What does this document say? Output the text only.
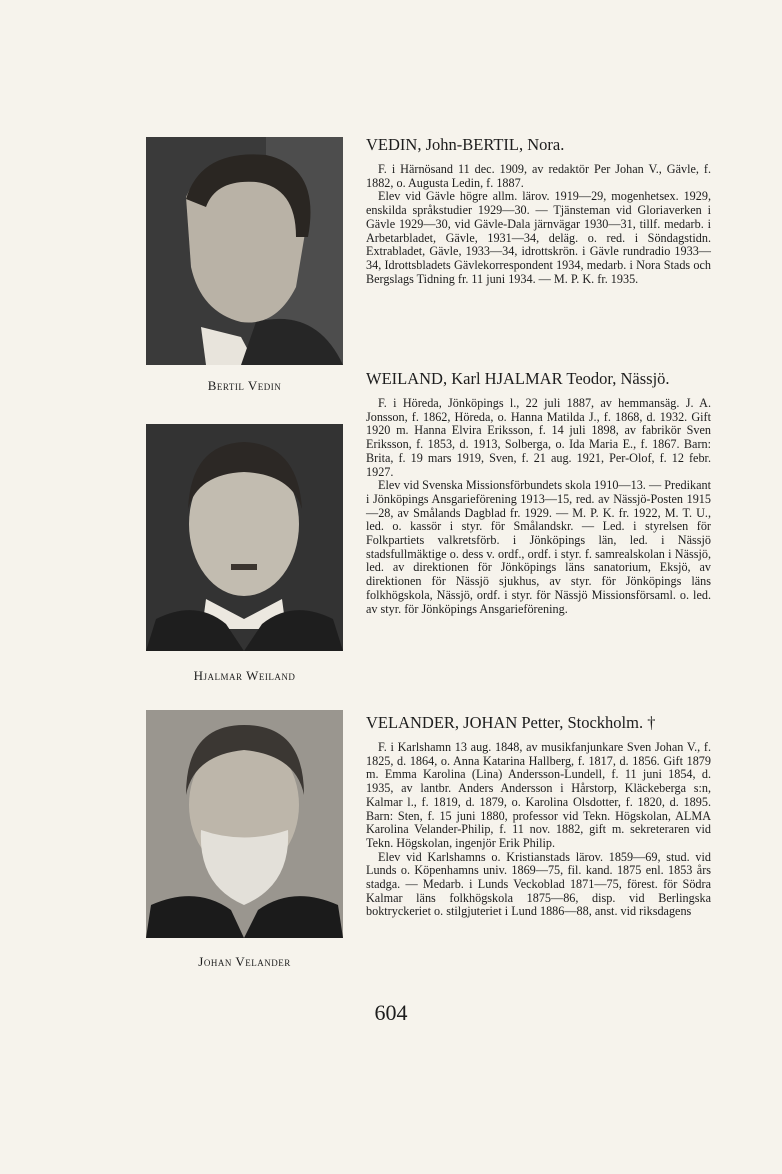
Bertil Vedin
VEDIN, John-BERTIL, Nora.

F. i Härnösand 11 dec. 1909, av redaktör Per Johan V., Gävle, f. 1882, o. Augusta Ledin, f. 1887.

Elev vid Gävle högre allm. lärov. 1919—29, mogenhetsex. 1929, enskilda språkstudier 1929—30. — Tjänsteman vid Gloriaverken i Gävle 1929—30, vid Gävle-Dala järnvägar 1930—31, tillf. medarb. i Arbetarbladet, Gävle, 1931—34, deläg. o. red. i Söndagstidn. Extrabladet, Gävle, 1933—34, idrottskrön. i Gävle rundradio 1933—34, Idrottsbladets Gävlekorrespondent 1934, medarb. i Nora Stads och Bergslags Tidning fr. 11 juni 1934. — M. P. K. fr. 1935.

Hjalmar Weiland
WEILAND, Karl HJALMAR Teodor, Nässjö.

F. i Höreda, Jönköpings l., 22 juli 1887, av hemmansäg. J. A. Jonsson, f. 1862, Höreda, o. Hanna Matilda J., f. 1868, d. 1932. Gift 1920 m. Hanna Elvira Eriksson, f. 14 juli 1898, av fabrikör Sven Eriksson, f. 1853, d. 1913, Solberga, o. Ida Maria E., f. 1867. Barn: Brita, f. 19 mars 1919, Sven, f. 21 aug. 1921, Per-Olof, f. 12 febr. 1927.

Elev vid Svenska Missionsförbundets skola 1910—13. — Predikant i Jönköpings Ansgarieförening 1913—15, red. av Nässjö-Posten 1915—28, av Smålands Dagblad fr. 1929. — M. P. K. fr. 1922, M. T. U., led. o. kassör i styr. för Smålandskr. — Led. i styrelsen för Folkpartiets valkretsförb. i Jönköpings län, led. i Nässjö stadsfullmäktige o. dess v. ordf., ordf. i styr. f. samrealskolan i Nässjö, led. av direktionen för Jönköpings läns sanatorium, Eksjö, av direktionen för Nässjö sjukhus, av styr. för Jönköpings läns folkhögskola, Nässjö, ordf. i styr. för Nässjö Missionsförsaml. o. led. av styr. för Jönköpings Ansgarieförening.

Johan Velander
VELANDER, JOHAN Petter, Stockholm. †

F. i Karlshamn 13 aug. 1848, av musikfanjunkare Sven Johan V., f. 1825, d. 1864, o. Anna Katarina Hallberg, f. 1817, d. 1856. Gift 1879 m. Emma Karolina (Lina) Andersson-Lundell, f. 11 juni 1854, d. 1935, av lantbr. Anders Andersson i Hårstorp, Kläckeberga s:n, Kalmar l., f. 1819, d. 1879, o. Karolina Olsdotter, f. 1820, d. 1895. Barn: Sten, f. 15 juni 1880, professor vid Tekn. Högskolan, ALMA Karolina Velander-Philip, f. 11 nov. 1882, gift m. sekreteraren vid Tekn. Högskolan, ingenjör Erik Philip.

Elev vid Karlshamns o. Kristianstads lärov. 1859—69, stud. vid Lunds o. Köpenhamns univ. 1869—75, fil. kand. 1875 enl. 1853 års stadga. — Medarb. i Lunds Veckoblad 1871—75, förest. för Södra Kalmar läns folkhögskola 1875—86, disp. vid Berlingska boktryckeriet o. stilgjuteriet i Lund 1886—88, anst. vid riksdagens

604
